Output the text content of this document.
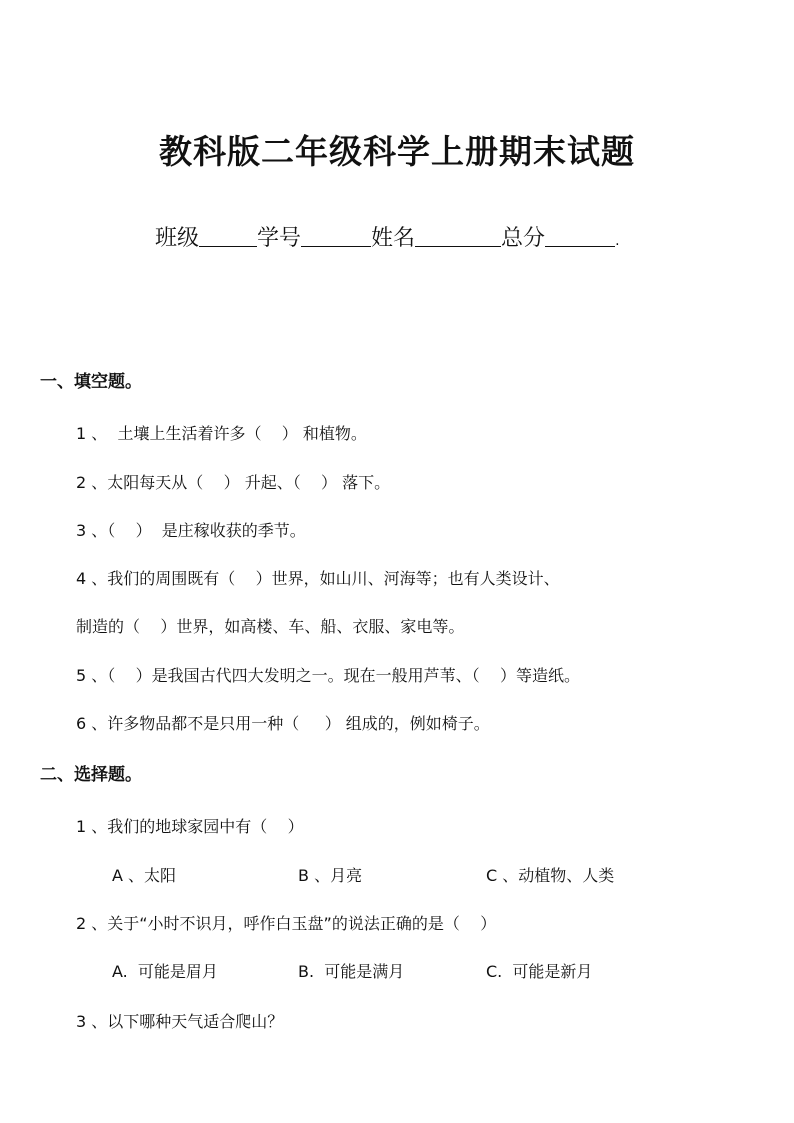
教科版二年级科学上册期末试题
班级	学号	姓名	总分	.
一、填空题。
1 、  土壤上生活着许多（    ） 和植物。
2 、太阳每天从（    ） 升起、（    ） 落下。
3 、（    ）  是庄稼收获的季节。
4 、我们的周围既有（    ）世界，如山川、河海等；也有人类设计、
制造的（    ）世界，如高楼、车、船、衣服、家电等。
5 、（    ）是我国古代四大发明之一。现在一般用芦苇、（    ）等造纸。
6 、许多物品都不是只用一种（     ） 组成的，例如椅子。
二、选择题。
1 、我们的地球家园中有（    ）

A 、太阳

	B 、月亮

	C 、动植物、人类

2 、关于“小时不识月，呼作白玉盘”的说法正确的是（    ）

A.  可能是眉月

	B.  可能是满月

	C.  可能是新月

3 、以下哪种天气适合爬山？
